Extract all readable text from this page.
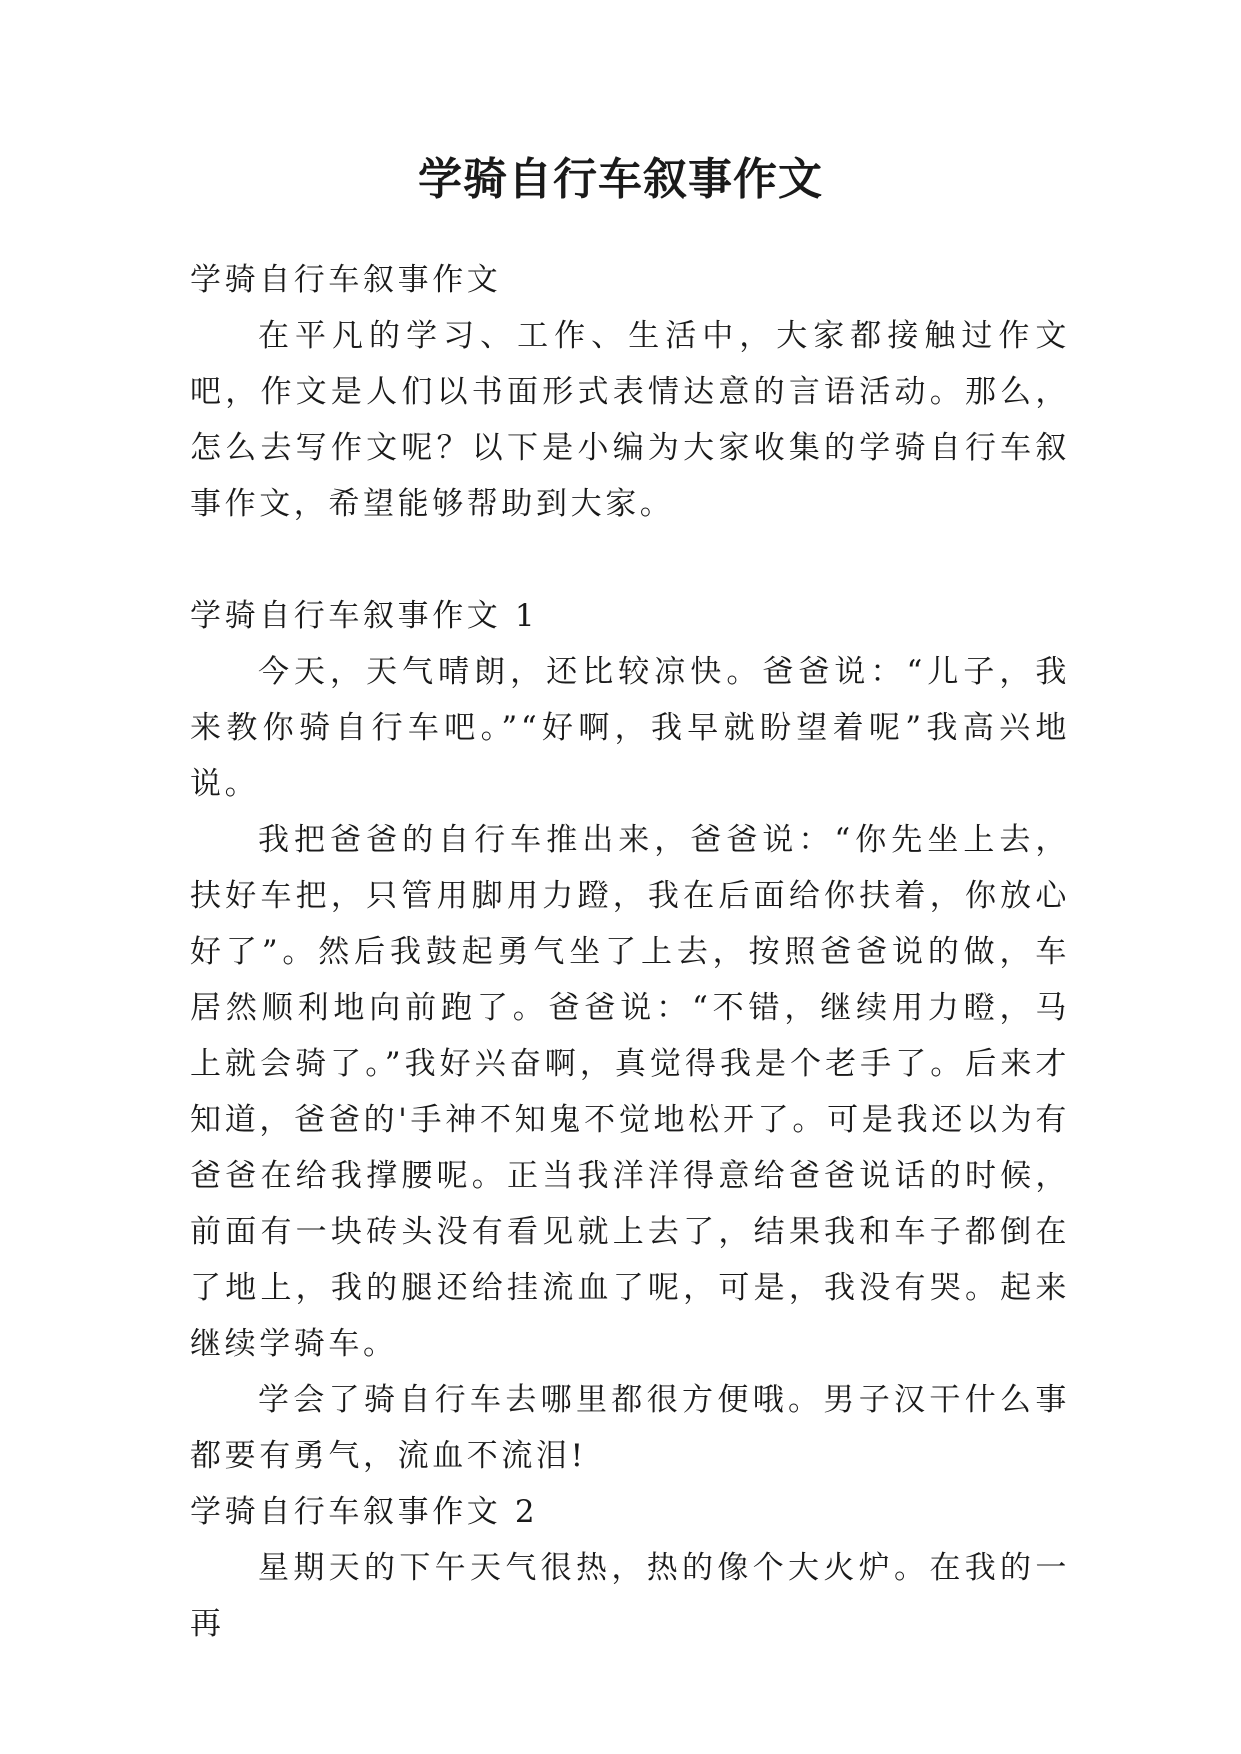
学骑自行车叙事作文

学骑自行车叙事作文

在平凡的学习、工作、生活中，大家都接触过作文吧，作文是人们以书面形式表情达意的言语活动。那么，怎么去写作文呢？以下是小编为大家收集的学骑自行车叙事作文，希望能够帮助到大家。

学骑自行车叙事作文 1

今天，天气晴朗，还比较凉快。爸爸说：“儿子，我来教你骑自行车吧。”“好啊，我早就盼望着呢”我高兴地说。

我把爸爸的自行车推出来，爸爸说：“你先坐上去，扶好车把，只管用脚用力蹬，我在后面给你扶着，你放心好了”。然后我鼓起勇气坐了上去，按照爸爸说的做，车居然顺利地向前跑了。爸爸说：“不错，继续用力瞪，马上就会骑了。”我好兴奋啊，真觉得我是个老手了。后来才知道，爸爸的'手神不知鬼不觉地松开了。可是我还以为有爸爸在给我撑腰呢。正当我洋洋得意给爸爸说话的时候，前面有一块砖头没有看见就上去了，结果我和车子都倒在了地上，我的腿还给挂流血了呢，可是，我没有哭。起来继续学骑车。

学会了骑自行车去哪里都很方便哦。男子汉干什么事都要有勇气，流血不流泪!

学骑自行车叙事作文 2

星期天的下午天气很热，热的像个大火炉。在我的一再
